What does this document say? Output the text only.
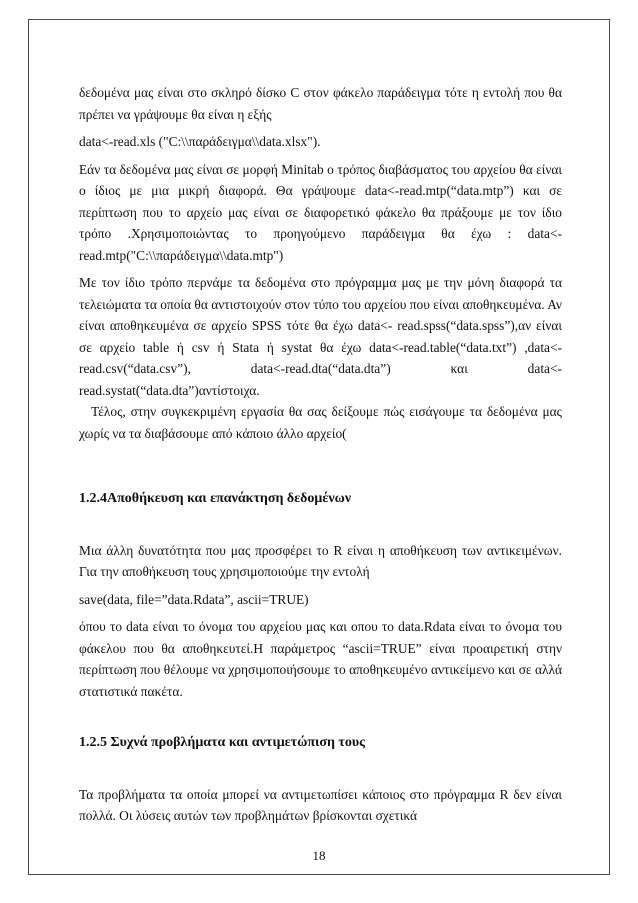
δεδομένα μας είναι στο σκληρό δίσκο C στον φάκελο παράδειγμα τότε η εντολή που θα πρέπει να γράψουμε θα είναι η εξής

data<-read.xls ("C:\\παράδειγμα\\data.xlsx").

Εάν τα δεδομένα μας είναι σε μορφή Minitab ο τρόπος διαβάσματος του αρχείου θα είναι ο ίδιος με μια μικρή διαφορά. Θα γράψουμε data<-read.mtp(“data.mtp”) και σε περίπτωση που το αρχείο μας είναι σε διαφορετικό φάκελο θα πράξουμε με τον ίδιο τρόπο .Χρησιμοποιώντας το προηγούμενο παράδειγμα θα έχω : data<-read.mtp("C:\\παράδειγμα\\data.mtp")

Με τον ίδιο τρόπο περνάμε τα δεδομένα στο πρόγραμμα μας με την μόνη διαφορά τα τελειώματα τα οποία θα αντιστοιχούν στον τύπο του αρχείου που είναι αποθηκευμένα. Αν είναι αποθηκευμένα σε αρχείο SPSS τότε θα έχω data<- read.spss(“data.spss”),αν είναι σε αρχείο table ή csv ή Stata ή systat θα έχω data<-read.table(“data.txt”) ,data<- read.csv(“data.csv”), data<-read.dta(“data.dta”) και data<- read.systat(“data.dta”)αντίστοιχα.

Τέλος, στην συγκεκριμένη εργασία θα σας δείξουμε πώς εισάγουμε τα δεδομένα μας χωρίς να τα διαβάσουμε από κάποιο άλλο αρχείο(

1.2.4Αποθήκευση και επανάκτηση δεδομένων

Μια άλλη δυνατότητα που μας προσφέρει το R είναι η αποθήκευση των αντικειμένων. Για την αποθήκευση τους χρησιμοποιούμε την εντολή

save(data, file=”data.Rdata”, ascii=TRUE)

όπου το data είναι το όνομα του αρχείου μας και οπου το data.Rdata είναι το όνομα του φάκελου που θα αποθηκευτεί.Η παράμετρος “ascii=TRUE” είναι προαιρετική στην περίπτωση που θέλουμε να χρησιμοποιήσουμε το αποθηκευμένο αντικείμενο και σε αλλά στατιστικά πακέτα.

1.2.5 Συχνά προβλήματα και αντιμετώπιση τους

Τα προβλήματα τα οποία μπορεί να αντιμετωπίσει κάποιος στο πρόγραμμα R δεν είναι πολλά. Οι λύσεις αυτών των προβλημάτων βρίσκονται σχετικά

18
